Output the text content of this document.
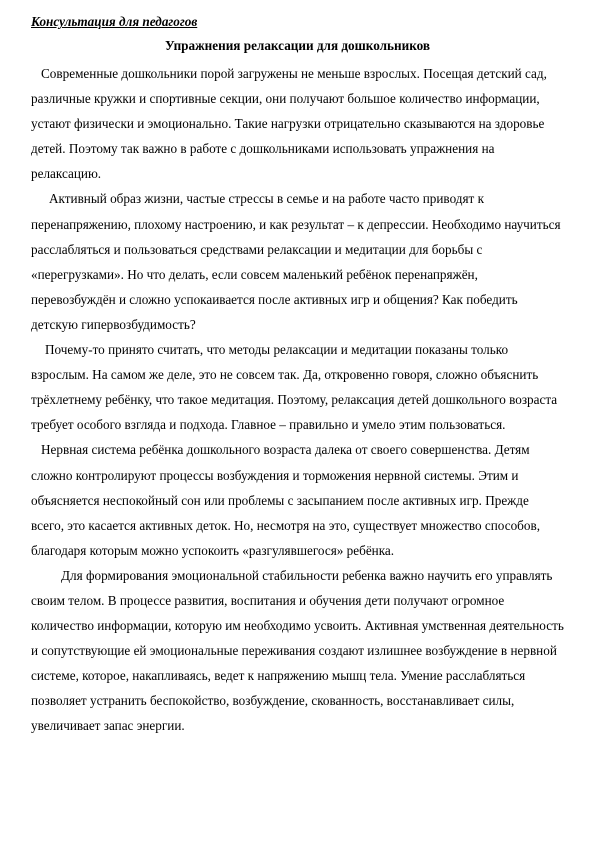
Консультация для педагогов
Упражнения релаксации для дошкольников

Современные дошкольники порой загружены не меньше взрослых. Посещая детский сад, различные кружки и спортивные секции, они получают большое количество информации, устают физически и эмоционально. Такие нагрузки отрицательно сказываются на здоровье детей. Поэтому так важно в работе с дошкольниками использовать упражнения на релаксацию.

Активный образ жизни, частые стрессы в семье и на работе часто приводят к перенапряжению, плохому настроению, и как результат – к депрессии. Необходимо научиться расслабляться и пользоваться средствами релаксации и медитации для борьбы с «перегрузками». Но что делать, если совсем маленький ребёнок перенапряжён, перевозбуждён и сложно успокаивается после активных игр и общения? Как победить детскую гипервозбудимость?

Почему-то принято считать, что методы релаксации и медитации показаны только взрослым. На самом же деле, это не совсем так. Да, откровенно говоря, сложно объяснить трёхлетнему ребёнку, что такое медитация. Поэтому, релаксация детей дошкольного возраста требует особого взгляда и подхода. Главное – правильно и умело этим пользоваться.

Нервная система ребёнка дошкольного возраста далека от своего совершенства. Детям сложно контролируют процессы возбуждения и торможения нервной системы. Этим и объясняется неспокойный сон или проблемы с засыпанием после активных игр. Прежде всего, это касается активных деток. Но, несмотря на это, существует множество способов, благодаря которым можно успокоить «разгулявшегося» ребёнка.

Для формирования эмоциональной стабильности ребенка важно научить его управлять своим телом. В процессе развития, воспитания и обучения дети получают огромное количество информации, которую им необходимо усвоить. Активная умственная деятельность и сопутствующие ей эмоциональные переживания создают излишнее возбуждение в нервной системе, которое, накапливаясь, ведет к напряжению мышц тела. Умение расслабляться позволяет устранить беспокойство, возбуждение, скованность, восстанавливает силы, увеличивает запас энергии.
